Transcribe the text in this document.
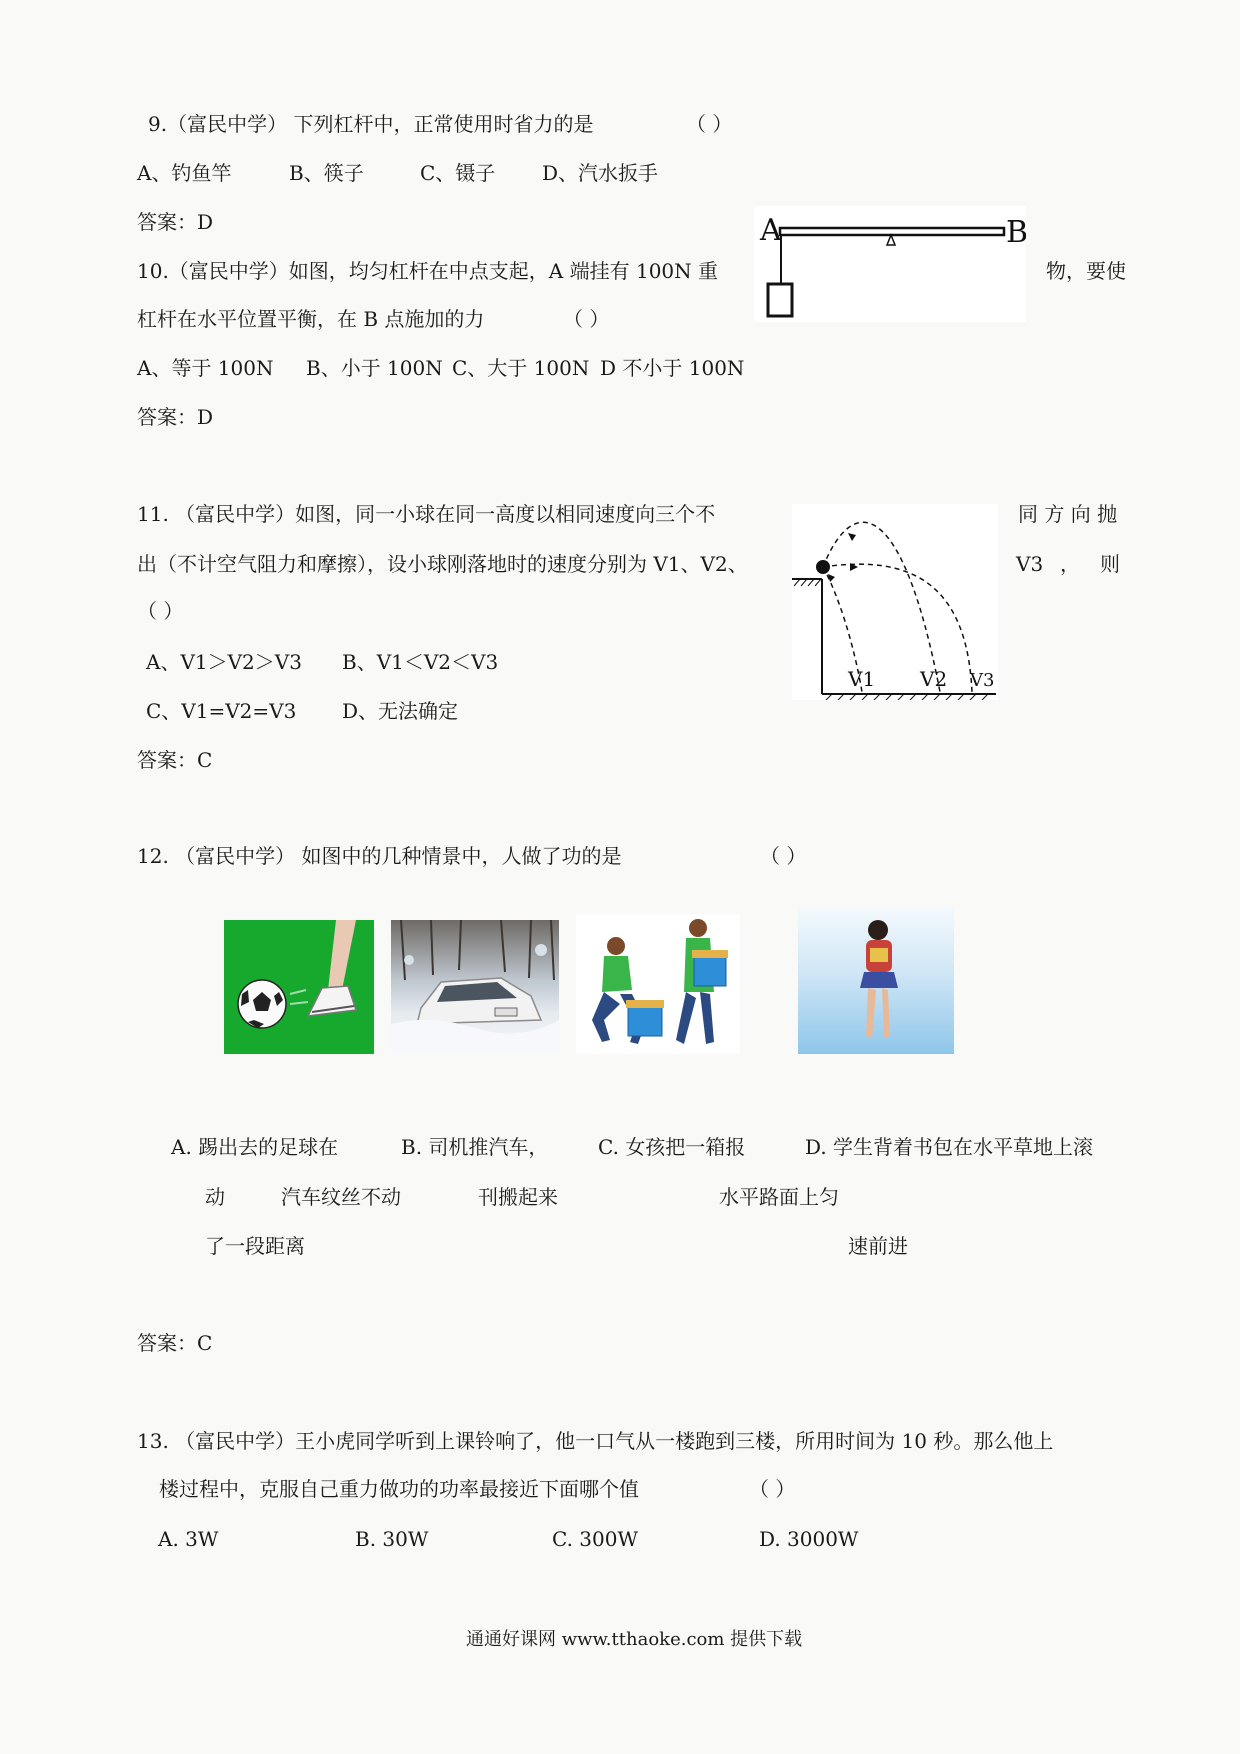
9.（富民中学） 下列杠杆中，正常使用时省力的是	（ ）
A、钓鱼竿	B、筷子	C、镊子 D、汽水扳手
答案：D
10.（富民中学）如图，均匀杠杆在中点支起，A 端挂有 100N 重	物，要使
杠杆在水平位置平衡，在 B 点施加的力	（ ）
A、等于 100N B、小于 100N C、大于 100N D 不小于 100N
答案：D
A	B
11. （富民中学）如图，同一小球在同一高度以相同速度向三个不	同 方 向 抛
出（不计空气阻力和摩擦），设小球刚落地时的速度分别为 V1、V2、	V3 ， 则
（ ）
A、V1＞V2＞V3 B、V1＜V2＜V3
C、V1=V2=V3 D、无法确定
答案：C
V1 V2 V3
12. （富民中学） 如图中的几种情景中，人做了功的是	（ ）
A. 踢出去的足球在	B. 司机推汽车， C. 女孩把一箱报	D. 学生背着书包在水平草地上滚
动	汽车纹丝不动	刊搬起来	水平路面上匀
了一段距离	速前进
答案：C
13. （富民中学）王小虎同学听到上课铃响了，他一口气从一楼跑到三楼，所用时间为 10 秒。那么他上
楼过程中，克服自己重力做功的功率最接近下面哪个值	（ ）
A. 3W	B. 30W	C. 300W	D. 3000W
通通好课网 www.tthaoke.com 提供下载
